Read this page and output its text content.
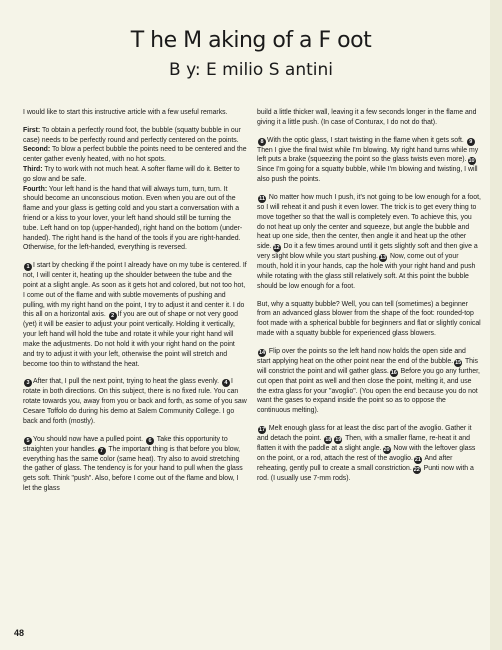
T he M aking of a F oot
B y: E milio S antini

I would like to start this instructive article with a few useful remarks.

First: To obtain a perfectly round foot, the bubble (squatty bubble in our case) needs to be perfectly round and perfectly centered on the points.

Second: To blow a perfect bubble the points need to be centered and the center gather evenly heated, with no hot spots.

Third: Try to work with not much heat. A softer flame will do it. Better to go slow and be safe.

Fourth: Your left hand is the hand that will always turn, turn, turn. It should become an unconscious motion. Even when you are out of the flame and your glass is getting cold and you start a conversation with a friend or a kiss to your lover, your left hand should still be turning the tube. Left hand on top (upper-handed), right hand on the bottom (under-handed). The right hand is the hand of the tools if you are right-handed. Otherwise, for the left-handed, everything is reversed.

1 I start by checking if the point I already have on my tube is centered. If not, I will center it, heating up the shoulder between the tube and the point at a slight angle. As soon as it gets hot and colored, but not too hot, I come out of the flame and with subtle movements of pushing and pulling, with my right hand on the point, I try to adjust it and center it. I do this all on a horizontal axis. 2 If you are out of shape or not very good (yet) it will be easier to adjust your point vertically. Holding it vertically, your left hand will hold the tube and rotate it while your right hand will make the adjustments. Do not hold it with your right hand on the point and try to adjust it with your left, otherwise the point will stretch and become too thin to withstand the heat.

3 After that, I pull the next point, trying to heat the glass evenly. 4 I rotate in both directions. On this subject, there is no fixed rule. You can rotate towards you, away from you or back and forth, as some of you saw Cesare Toffolo do during his demo at Salem Community College. I go back and forth (mostly).

5 You should now have a pulled point. 6 Take this opportunity to straighten your handles. 7 The important thing is that before you blow, everything has the same color (same heat). Try also to avoid stretching the gather of glass. The tendency is for your hand to pull when the glass gets soft. Think "push". Also, before I come out of the flame and blow, I let the glass

build a little thicker wall, leaving it a few seconds longer in the flame and giving it a little push. (In case of Conturax, I do not do that).

8 With the optic glass, I start twisting in the flame when it gets soft. 9 Then I give the final twist while I'm blowing. My right hand turns while my left puts a brake (squeezing the point so the glass twists even more). 10 Since I'm going for a squatty bubble, while I'm blowing and twisting, I will also push the points.

11 No matter how much I push, it's not going to be low enough for a foot, so I will reheat it and push it even lower. The trick is to get every thing to move together so that the wall is completely even. To achieve this, you do not heat up only the center and squeeze, but angle the bubble and heat up one side, then the center, then angle it and heat up the other side. 12 Do it a few times around until it gets slightly soft and then give a very slight blow while you start pushing. 13 Now, come out of your mouth, hold it in your hands, cap the hole with your right hand and push while rotating with the glass still relatively soft. At this point the bubble should be low enough for a foot.

But, why a squatty bubble? Well, you can tell (sometimes) a beginner from an advanced glass blower from the shape of the foot: rounded-top foot made with a spherical bubble for beginners and flat or slightly conical made with a squatty bubble for experienced glass blowers.

14 Flip over the points so the left hand now holds the open side and start applying heat on the other point near the end of the bubble. 15 This will constrict the point and will gather glass. 16 Before you go any further, cut open that point as well and then close the point, melting it, and use the extra glass for your "avoglio". (You open the end because you do not want the gases to expand inside the point so as to oppose the continuous melting).

17 Melt enough glass for at least the disc part of the avoglio. Gather it and detach the point. 18 19 Then, with a smaller flame, re-heat it and flatten it with the paddle at a slight angle. 20 Now with the leftover glass on the point, or a rod, attach the rest of the avoglio. 21 And after reheating, gently pull to create a small constriction. 22 Punti now with a rod. (I usually use 7-mm rods).

48
